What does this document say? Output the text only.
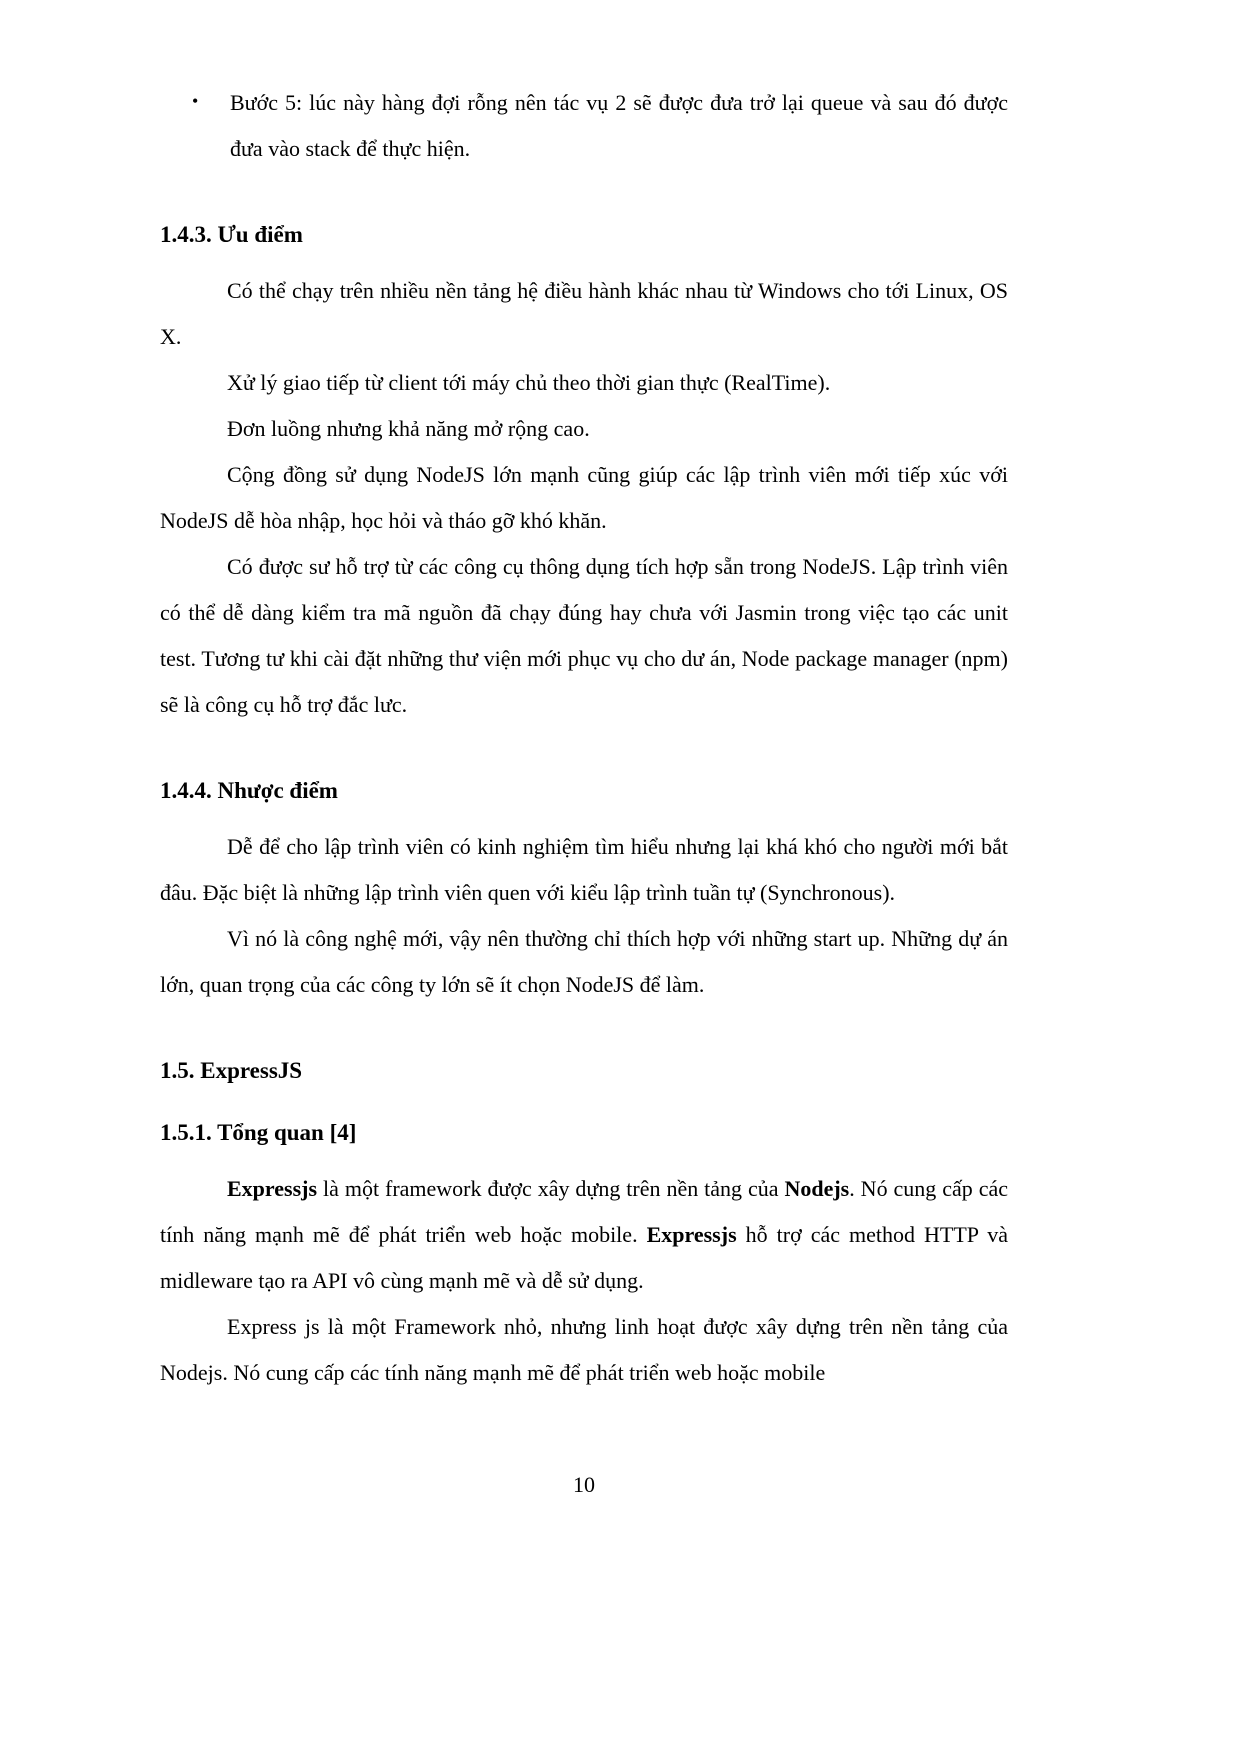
• Bước 5: lúc này hàng đợi rỗng nên tác vụ 2 sẽ được đưa trở lại queue và sau đó được đưa vào stack để thực hiện.
1.4.3. Ưu điểm

Có thể chạy trên nhiều nền tảng hệ điều hành khác nhau từ Windows cho tới Linux, OS X.

Xử lý giao tiếp từ client tới máy chủ theo thời gian thực (RealTime).

Đơn luồng nhưng khả năng mở rộng cao.

Cộng đồng sử dụng NodeJS lớn mạnh cũng giúp các lập trình viên mới tiếp xúc với NodeJS dễ hòa nhập, học hỏi và tháo gỡ khó khăn.

Có được sư hỗ trợ từ các công cụ thông dụng tích hợp sẵn trong NodeJS. Lập trình viên có thể dễ dàng kiểm tra mã nguồn đã chạy đúng hay chưa với Jasmin trong việc tạo các unit test. Tương tư khi cài đặt những thư viện mới phục vụ cho dư án, Node package manager (npm) sẽ là công cụ hỗ trợ đắc lưc.

1.4.4. Nhược điểm

Dễ để cho lập trình viên có kinh nghiệm tìm hiểu nhưng lại khá khó cho người mới bắt đâu. Đặc biệt là những lập trình viên quen với kiểu lập trình tuần tự (Synchronous).

Vì nó là công nghệ mới, vậy nên thường chỉ thích hợp với những start up. Những dự án lớn, quan trọng của các công ty lớn sẽ ít chọn NodeJS để làm.

1.5. ExpressJS
1.5.1. Tổng quan [4]

Expressjs là một framework được xây dựng trên nền tảng của Nodejs. Nó cung cấp các tính năng mạnh mẽ để phát triển web hoặc mobile. Expressjs hỗ trợ các method HTTP và midleware tạo ra API vô cùng mạnh mẽ và dễ sử dụng.

Express js là một Framework nhỏ, nhưng linh hoạt được xây dựng trên nền tảng của Nodejs. Nó cung cấp các tính năng mạnh mẽ để phát triển web hoặc mobile

10
